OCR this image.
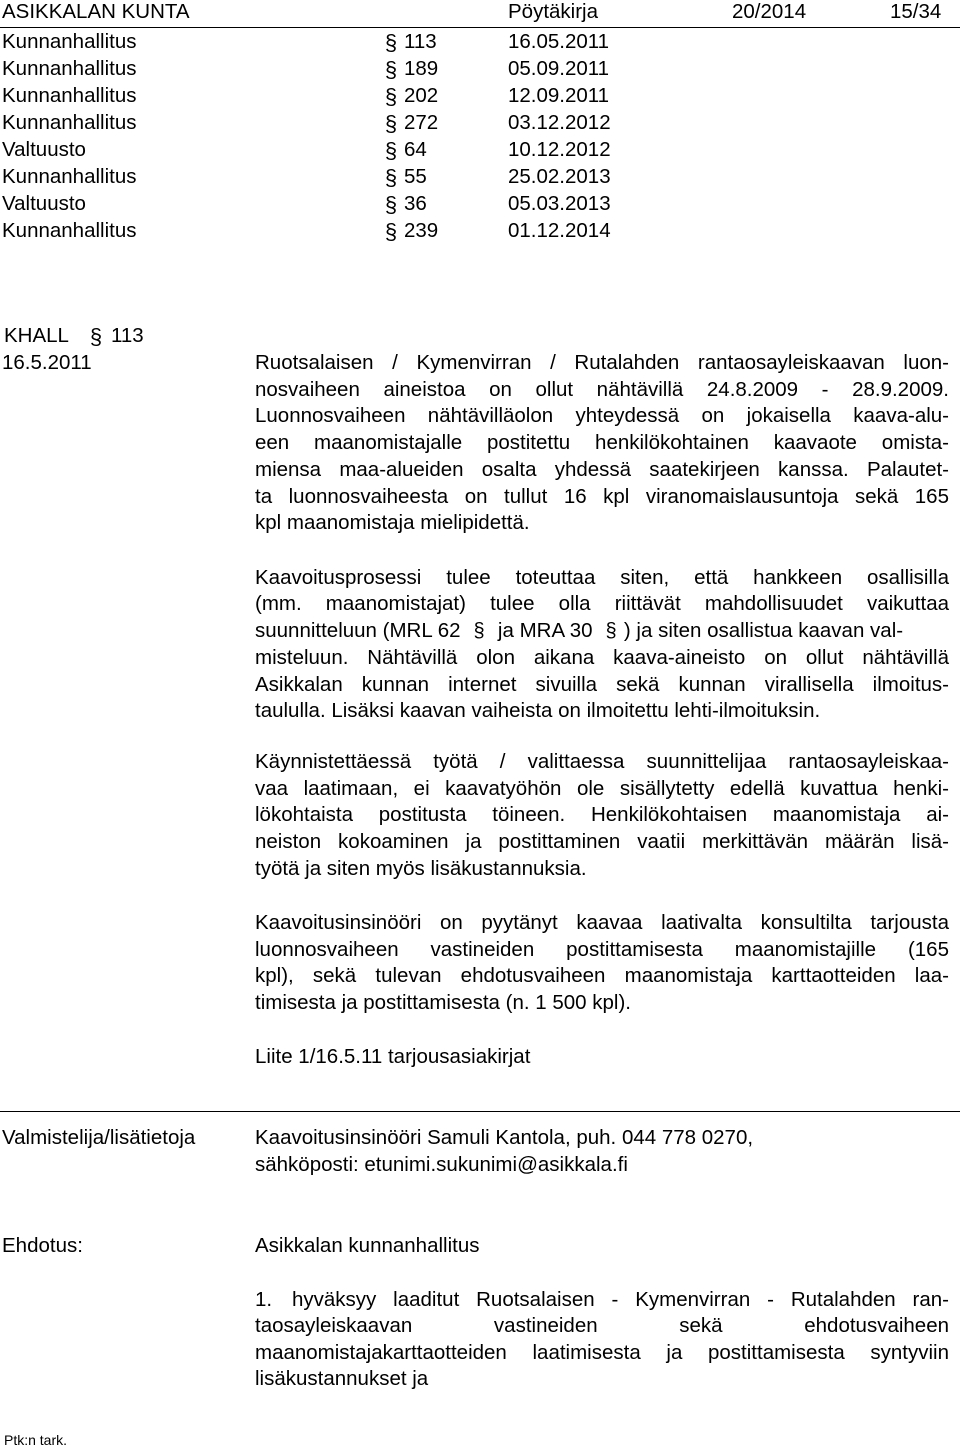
ASIKKALAN KUNTA	Pöytäkirja	20/2014	15/34
Kunnanhallitus	§ 113	16.05.2011
Kunnanhallitus	§ 189	05.09.2011
Kunnanhallitus	§ 202	12.09.2011
Kunnanhallitus	§ 272	03.12.2012
Valtuusto	§ 64	10.12.2012
Kunnanhallitus	§ 55	25.02.2013
Valtuusto	§ 36	05.03.2013
Kunnanhallitus	§ 239	01.12.2014
KHALL § 113
16.5.2011	Ruotsalaisen / Kymenvirran / Rutalahden rantaosayleiskaavan luon-
nosvaiheen aineistoa on ollut nähtävillä 24.8.2009 - 28.9.2009.
Luonnosvaiheen nähtävilläolon yhteydessä on jokaisella kaava-alu-
een maanomistajalle postitettu henkilökohtainen kaavaote omista-
miensa maa-alueiden osalta yhdessä saatekirjeen kanssa. Palautet-
ta luonnosvaiheesta on tullut 16 kpl viranomaislausuntoja sekä 165
kpl maanomistaja mielipidettä.
Kaavoitusprosessi tulee toteuttaa siten, että hankkeen osallisilla
(mm. maanomistajat) tulee olla riittävät mahdollisuudet vaikuttaa
suunnitteluun (MRL 62 § ja MRA 30 § ) ja siten osallistua kaavan val-
misteluun. Nähtävillä olon aikana kaava-aineisto on ollut nähtävillä
Asikkalan kunnan internet sivuilla sekä kunnan virallisella ilmoitus-
taululla. Lisäksi kaavan vaiheista on ilmoitettu lehti-ilmoituksin.
Käynnistettäessä työtä / valittaessa suunnittelijaa rantaosayleiskaa-
vaa laatimaan, ei kaavatyöhön ole sisällytetty edellä kuvattua henki-
lökohtaista postitusta töineen. Henkilökohtaisen maanomistaja ai-
neiston kokoaminen ja postittaminen vaatii merkittävän määrän lisä-
työtä ja siten myös lisäkustannuksia.
Kaavoitusinsinööri on pyytänyt kaavaa laativalta konsultilta tarjousta
luonnosvaiheen vastineiden postittamisesta maanomistajille (165
kpl), sekä tulevan ehdotusvaiheen maanomistaja karttaotteiden laa-
timisesta ja postittamisesta (n. 1 500 kpl).
Liite 1/16.5.11 tarjousasiakirjat
Valmistelija/lisätietoja	Kaavoitusinsinööri Samuli Kantola, puh. 044 778 0270,
sähköposti: etunimi.sukunimi@asikkala.fi
Ehdotus:	Asikkalan kunnanhallitus
1. hyväksyy laaditut Ruotsalaisen - Kymenvirran - Rutalahden ran-
taosayleiskaavan vastineiden sekä ehdotusvaiheen
maanomistajakarttaotteiden laatimisesta ja postittamisesta syntyviin
lisäkustannukset ja
Ptk:n tark.
